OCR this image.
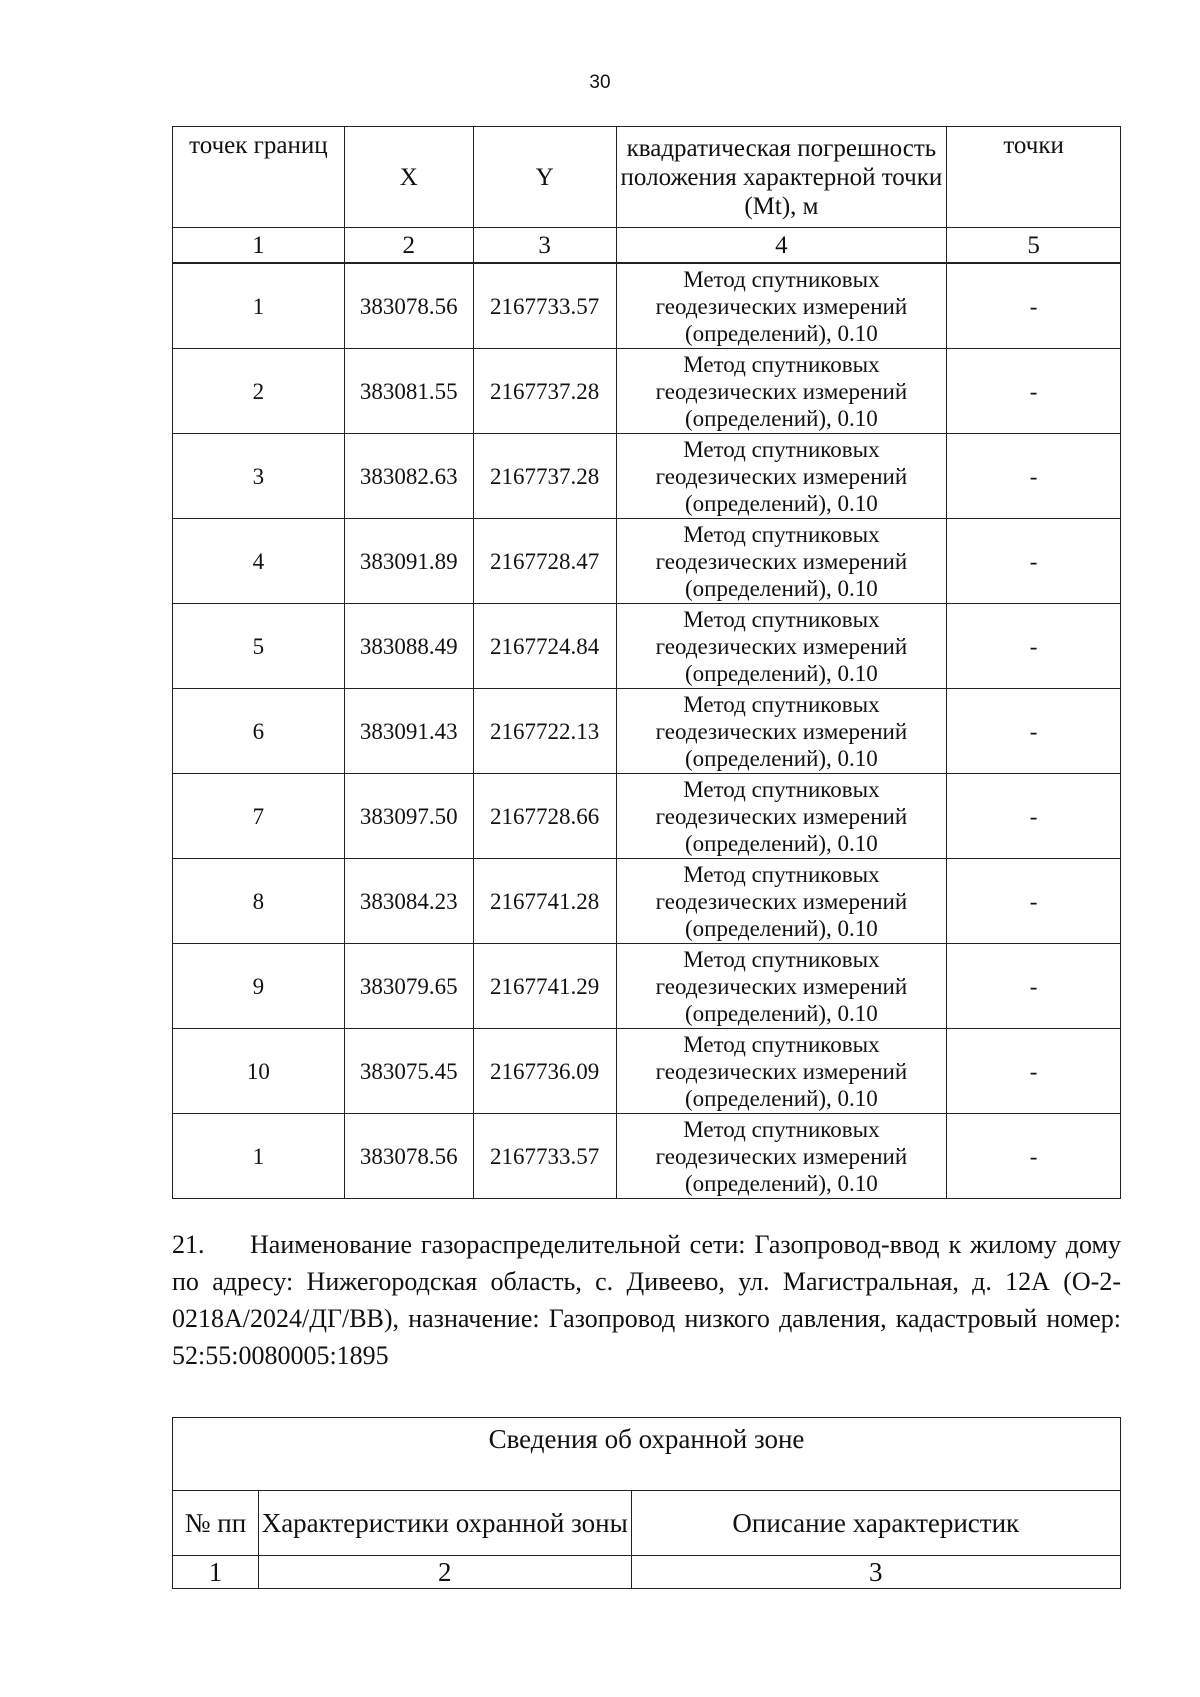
30
точек границ	X	Y	квадратическая погрешность положения характерной точки (Mt), м	точки
1	2	3	4	5
1	383078.56	2167733.57	Метод спутниковых
геодезических измерений
(определений), 0.10	-
2	383081.55	2167737.28	Метод спутниковых
геодезических измерений
(определений), 0.10	-
3	383082.63	2167737.28	Метод спутниковых
геодезических измерений
(определений), 0.10	-
4	383091.89	2167728.47	Метод спутниковых
геодезических измерений
(определений), 0.10	-
5	383088.49	2167724.84	Метод спутниковых
геодезических измерений
(определений), 0.10	-
6	383091.43	2167722.13	Метод спутниковых
геодезических измерений
(определений), 0.10	-
7	383097.50	2167728.66	Метод спутниковых
геодезических измерений
(определений), 0.10	-
8	383084.23	2167741.28	Метод спутниковых
геодезических измерений
(определений), 0.10	-
9	383079.65	2167741.29	Метод спутниковых
геодезических измерений
(определений), 0.10	-
10	383075.45	2167736.09	Метод спутниковых
геодезических измерений
(определений), 0.10	-
1	383078.56	2167733.57	Метод спутниковых
геодезических измерений
(определений), 0.10	-
21. Наименование газораспределительной сети: Газопровод-ввод к жилому дому по адресу: Нижегородская область, с. Дивеево, ул. Магистральная, д. 12А (О-2-0218А/2024/ДГ/ВВ), назначение: Газопровод низкого давления, кадастровый номер: 52:55:0080005:1895
Сведения об охранной зоне		
№ пп	Характеристики охранной зоны	Описание характеристик
1	2	3
